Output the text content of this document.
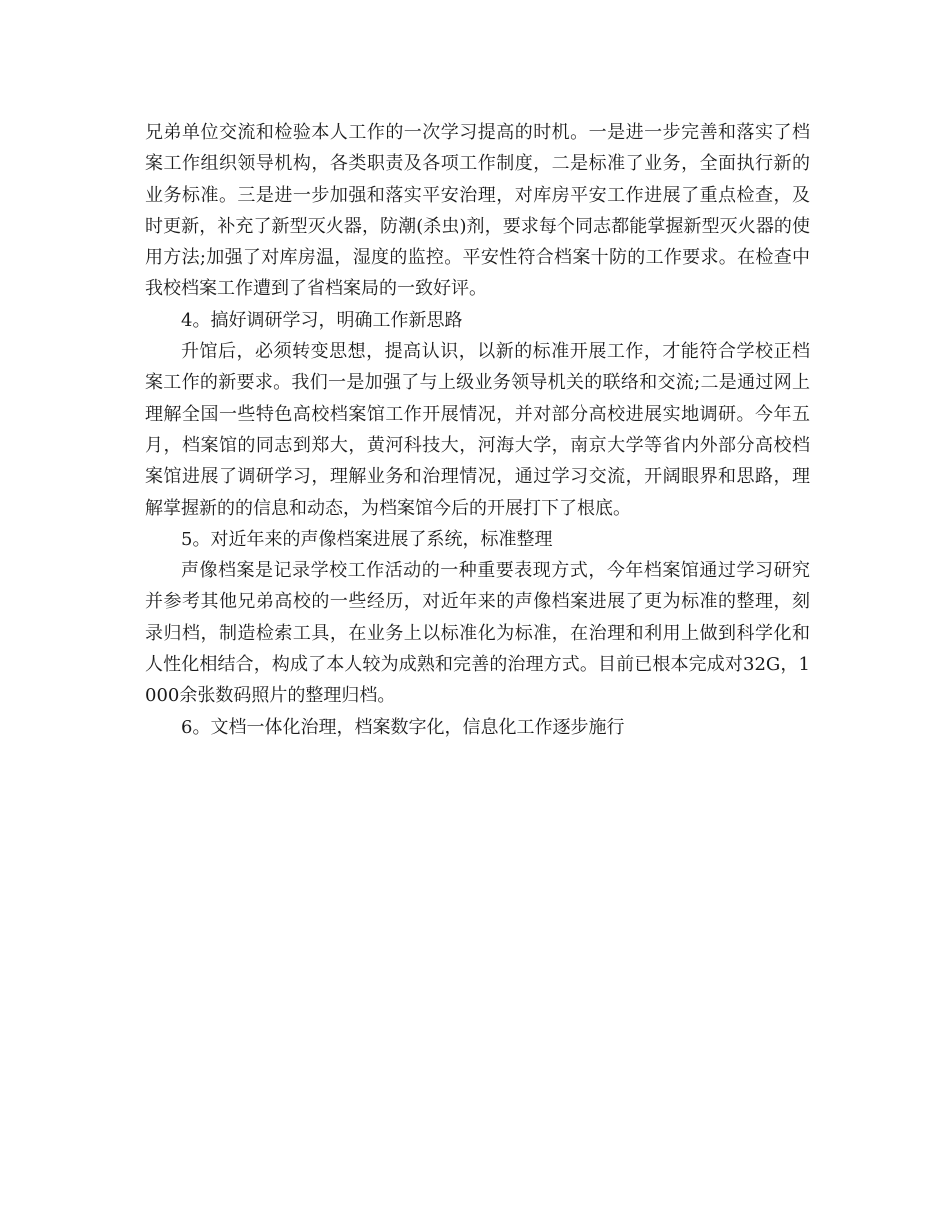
兄弟单位交流和检验本人工作的一次学习提高的时机。一是进一步完善和落实了档案工作组织领导机构，各类职责及各项工作制度，二是标准了业务，全面执行新的业务标准。三是进一步加强和落实平安治理，对库房平安工作进展了重点检查，及时更新，补充了新型灭火器，防潮(杀虫)剂，要求每个同志都能掌握新型灭火器的使用方法;加强了对库房温，湿度的监控。平安性符合档案十防的工作要求。在检查中我校档案工作遭到了省档案局的一致好评。

4。搞好调研学习，明确工作新思路

升馆后，必须转变思想，提高认识，以新的标准开展工作，才能符合学校正档案工作的新要求。我们一是加强了与上级业务领导机关的联络和交流;二是通过网上理解全国一些特色高校档案馆工作开展情况，并对部分高校进展实地调研。今年五月，档案馆的同志到郑大，黄河科技大，河海大学，南京大学等省内外部分高校档案馆进展了调研学习，理解业务和治理情况，通过学习交流，开阔眼界和思路，理解掌握新的的信息和动态，为档案馆今后的开展打下了根底。

5。对近年来的声像档案进展了系统，标准整理

声像档案是记录学校工作活动的一种重要表现方式，今年档案馆通过学习研究并参考其他兄弟高校的一些经历，对近年来的声像档案进展了更为标准的整理，刻录归档，制造检索工具，在业务上以标准化为标准，在治理和利用上做到科学化和人性化相结合，构成了本人较为成熟和完善的治理方式。目前已根本完成对32G，1000余张数码照片的整理归档。

6。文档一体化治理，档案数字化，信息化工作逐步施行
